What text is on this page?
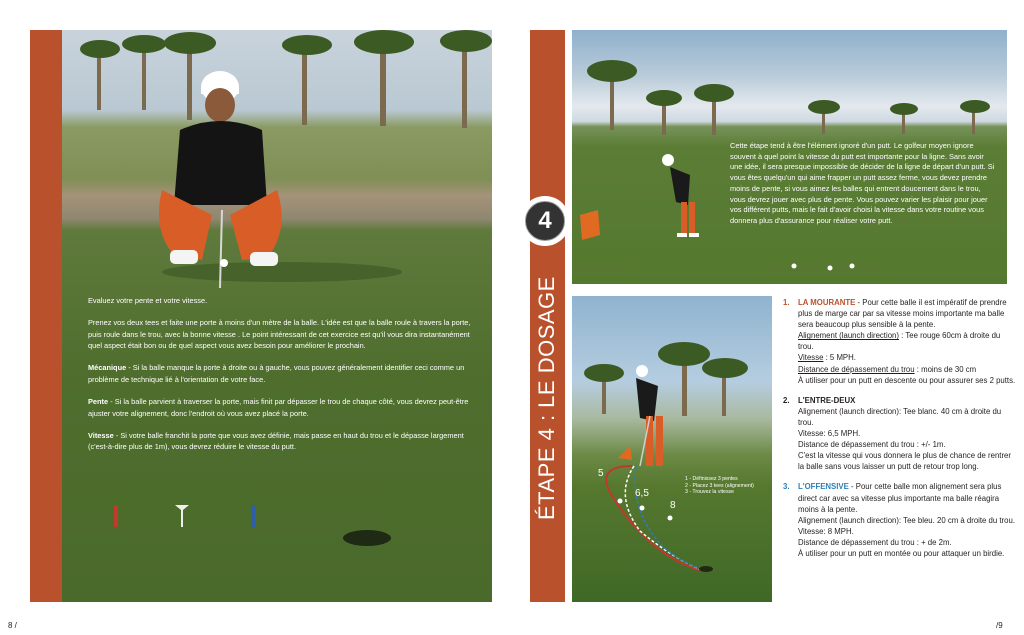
Evaluez votre pente et votre vitesse.

Prenez vos deux tees et faite une porte à moins d'un mètre de la balle. L'idée est que la balle roule à travers la porte, puis roule dans le trou, avec la bonne vitesse . Le point intéressant de cet exercice est qu'il vous dira instantanément quel aspect était bon ou de quel aspect vous avez besoin pour améliorer le prochain.

Mécanique - Si la balle manque la porte à droite ou à gauche, vous pouvez généralement identifier ceci comme un problème de technique lié à l'orientation de votre face.

Pente - Si la balle parvient à traverser la porte, mais finit par dépasser le trou de chaque côté, vous devrez peut-être ajuster votre alignement, donc l'endroit où vous avez placé la porte.

Vitesse - Si votre balle franchit la porte que vous avez définie, mais passe en haut du trou et le dépasse largement (c'est-à-dire plus de 1m), vous devrez réduire le vitesse du putt.

8 /
ÉTAPE 4 : LE DOSAGE
4
Cette étape tend à être l'élément ignoré d'un putt. Le golfeur moyen ignore souvent à quel point la vitesse du putt est importante pour la ligne. Sans avoir une idée, il sera presque impossible de décider de la ligne de départ d'un putt. Si vous êtes quelqu'un qui aime frapper un putt assez ferme, vous devez prendre moins de pente, si vous aimez les balles qui entrent doucement dans le trou, vous devrez jouer avec plus de pente. Vous pouvez varier les plaisir pour jouer vos différent putts, mais le fait d'avoir choisi la vitesse dans votre routine vous donnera plus d'assurance pour réaliser votre putt.
5
6,5
8
1 - Définissez 3 pentes
2 - Placez 3 tees (alignement)
3 - Trouvez la vitesse
1. LA MOURANTE - Pour cette balle il est impératif de prendre plus de marge car par sa vitesse moins importante ma balle sera beaucoup plus sensible à la pente.
Alignement (launch direction) : Tee rouge 60cm à droite du trou.
Vitesse : 5 MPH.
Distance de dépassement du trou : moins de 30 cm
À utiliser pour un putt en descente ou pour assurer ses 2 putts.
2. L'ENTRE-DEUX
Alignement (launch direction): Tee blanc. 40 cm à droite du trou.
Vitesse: 6,5 MPH.
Distance de dépassement du trou : +/- 1m.
C'est la vitesse qui vous donnera le plus de chance de rentrer la balle sans vous laisser un putt de retour trop long.
3. L'OFFENSIVE - Pour cette balle mon alignement sera plus direct car avec sa vitesse plus importante ma balle réagira moins à la pente.
Alignement (launch direction): Tee bleu. 20 cm à droite du trou.
Vitesse: 8 MPH.
Distance de dépassement du trou : + de 2m.
À utiliser pour un putt en montée ou pour attaquer un birdie.
/9
